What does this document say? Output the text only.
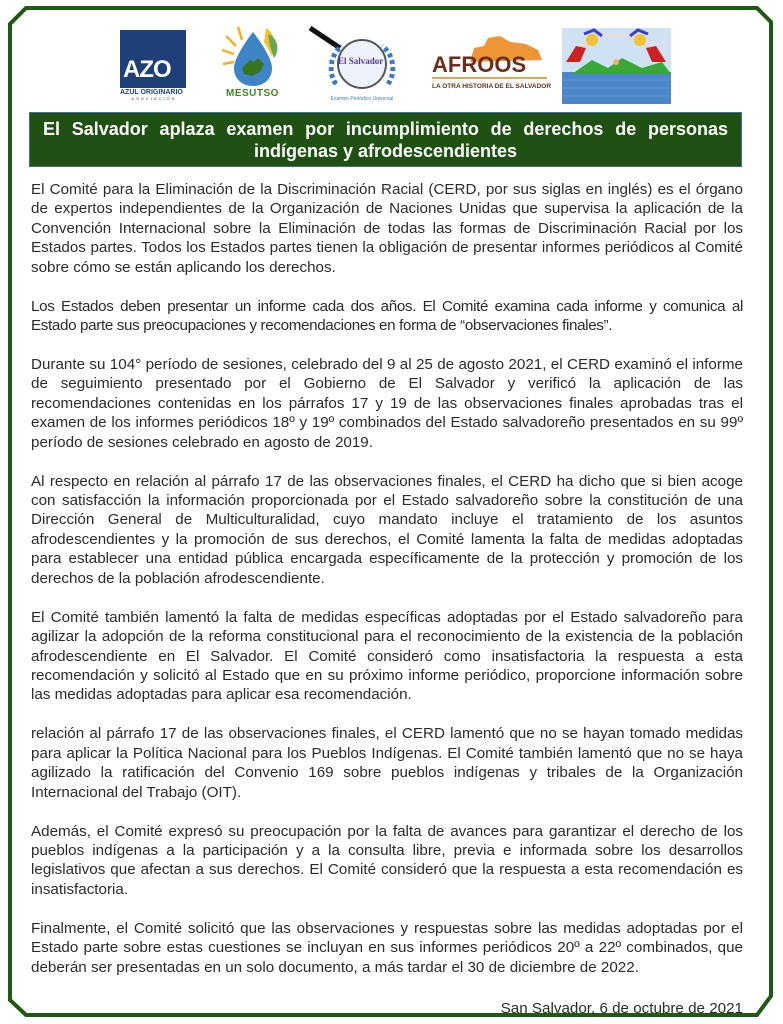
AZO
AZUL ORIGINARIO
ASOCIACIÓN	MESUTSO	Examen Periódico Universal
El Salvador AFROOS
LA OTRA HISTORIA DE EL SALVADOR
El Salvador aplaza examen por incumplimiento de derechos de personas
indígenas y afrodescendientes

El Comité para la Eliminación de la Discriminación Racial (CERD, por sus siglas en inglés) es el órgano de expertos independientes de la Organización de Naciones Unidas que supervisa la aplicación de la Convención Internacional sobre la Eliminación de todas las formas de Discriminación Racial por los Estados partes. Todos los Estados partes tienen la obligación de presentar informes periódicos al Comité sobre cómo se están aplicando los derechos.

Los Estados deben presentar un informe cada dos años. El Comité examina cada informe y comunica al Estado parte sus preocupaciones y recomendaciones en forma de “observaciones finales”.

Durante su 104° período de sesiones, celebrado del 9 al 25 de agosto 2021, el CERD examinó el informe de seguimiento presentado por el Gobierno de El Salvador y verificó la aplicación de las recomendaciones contenidas en los párrafos 17 y 19 de las observaciones finales aprobadas tras el examen de los informes periódicos 18º y 19º combinados del Estado salvadoreño presentados en su 99º período de sesiones celebrado en agosto de 2019.

Al respecto en relación al párrafo 17 de las observaciones finales, el CERD ha dicho que si bien acoge con satisfacción la información proporcionada por el Estado salvadoreño sobre la constitución de una Dirección General de Multiculturalidad, cuyo mandato incluye el tratamiento de los asuntos afrodescendientes y la promoción de sus derechos, el Comité lamenta la falta de medidas adoptadas para establecer una entidad pública encargada específicamente de la protección y promoción de los derechos de la población afrodescendiente.

El Comité también lamentó la falta de medidas específicas adoptadas por el Estado salvadoreño para agilizar la adopción de la reforma constitucional para el reconocimiento de la existencia de la población afrodescendiente en El Salvador. El Comité consideró como insatisfactoria la respuesta a esta recomendación y solicitó al Estado que en su próximo informe periódico, proporcione información sobre las medidas adoptadas para aplicar esa recomendación.

relación al párrafo 17 de las observaciones finales, el CERD lamentó que no se hayan tomado medidas para aplicar la Política Nacional para los Pueblos Indígenas. El Comité también lamentó que no se haya agilizado la ratificación del Convenio 169 sobre pueblos indígenas y tribales de la Organización Internacional del Trabajo (OIT).

Además, el Comité expresó su preocupación por la falta de avances para garantizar el derecho de los pueblos indígenas a la participación y a la consulta libre, previa e informada sobre los desarrollos legislativos que afectan a sus derechos. El Comité consideró que la respuesta a esta recomendación es insatisfactoria.

Finalmente, el Comité solicitó que las observaciones y respuestas sobre las medidas adoptadas por el Estado parte sobre estas cuestiones se incluyan en sus informes periódicos 20º a 22º combinados, que deberán ser presentadas en un solo documento, a más tardar el 30 de diciembre de 2022.

San Salvador, 6 de octubre de 2021
